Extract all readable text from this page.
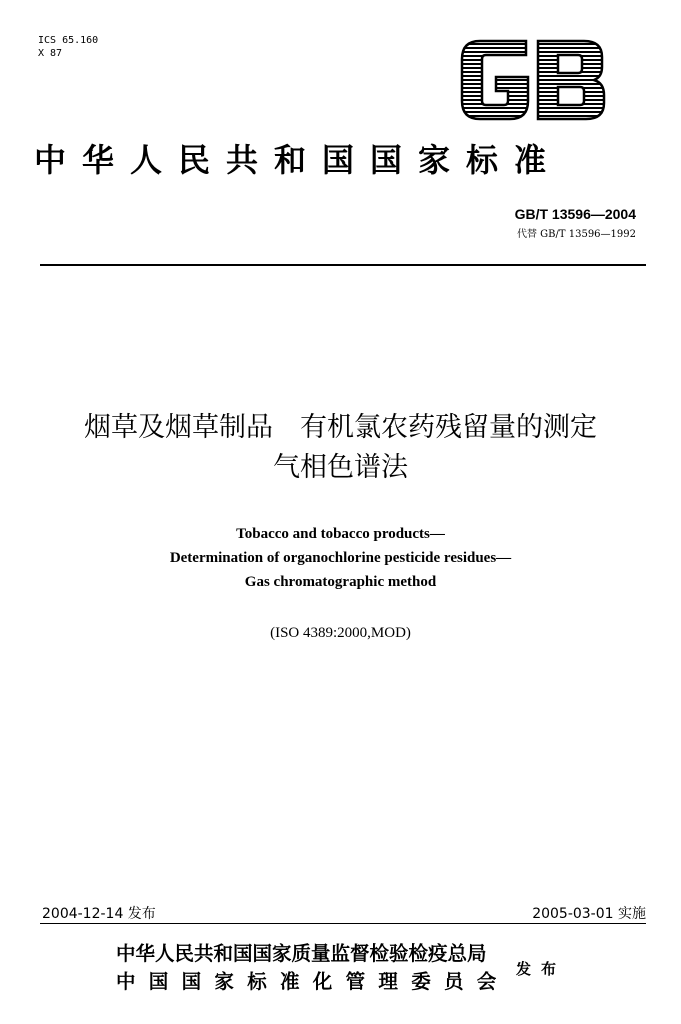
ICS 65.160
X 87
中华人民共和国国家标准
GB/T 13596—2004
代替 GB/T 13596—1992
烟草及烟草制品　有机氯农药残留量的测定
气相色谱法
Tobacco and tobacco products—
Determination of organochlorine pesticide residues—
Gas chromatographic method
(ISO 4389:2000,MOD)
2004-12-14 发布	2005-03-01 实施
中华人民共和国国家质量监督检验检疫总局
中国国家标准化管理委员会
发布
